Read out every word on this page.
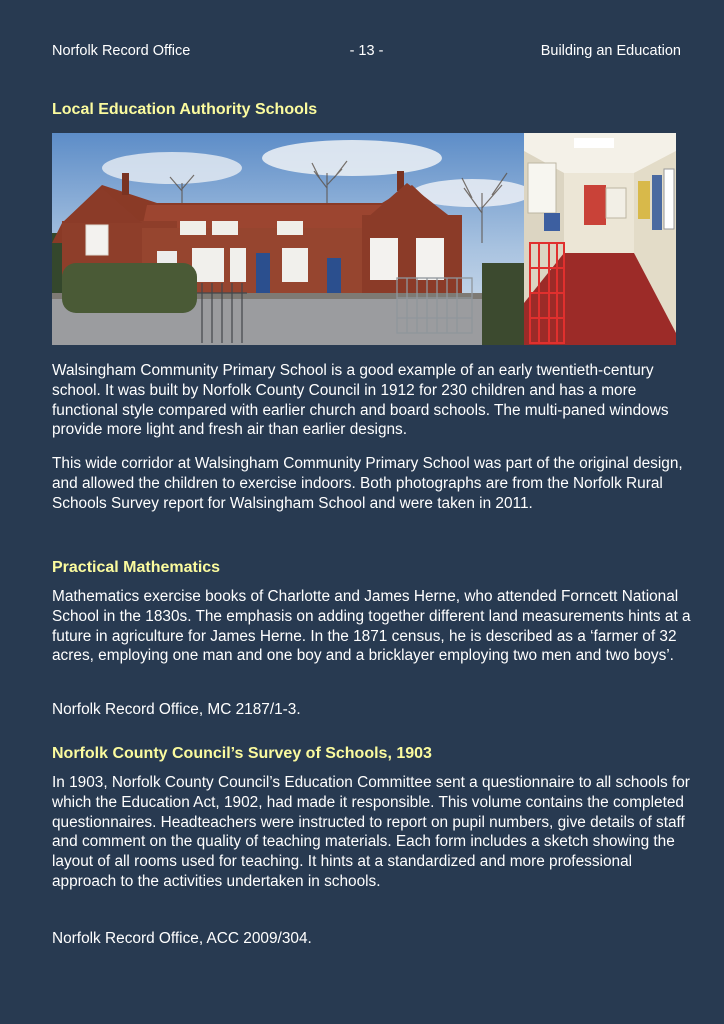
Norfolk Record Office	- 13 -	Building an Education
Local Education Authority Schools

Walsingham Community Primary School is a good example of an early twentieth-century school. It was built by Norfolk County Council in 1912 for 230 children and has a more functional style compared with earlier church and board schools. The multi-paned windows provide more light and fresh air than earlier designs.

This wide corridor at Walsingham Community Primary School was part of the original design, and allowed the children to exercise indoors. Both photographs are from the Norfolk Rural Schools Survey report for Walsingham School and were taken in 2011.

Practical Mathematics

Mathematics exercise books of Charlotte and James Herne, who attended Forncett National School in the 1830s. The emphasis on adding together different land measurements hints at a future in agriculture for James Herne. In the 1871 census, he is described as a ‘farmer of 32 acres, employing one man and one boy and a bricklayer employing two men and two boys’.

Norfolk Record Office, MC 2187/1-3.

Norfolk County Council’s Survey of Schools, 1903

In 1903, Norfolk County Council’s Education Committee sent a questionnaire to all schools for which the Education Act, 1902, had made it responsible. This volume contains the completed questionnaires. Headteachers were instructed to report on pupil numbers, give details of staff and comment on the quality of teaching materials. Each form includes a sketch showing the layout of all rooms used for teaching. It hints at a standardized and more professional approach to the activities undertaken in schools.

Norfolk Record Office, ACC 2009/304.
